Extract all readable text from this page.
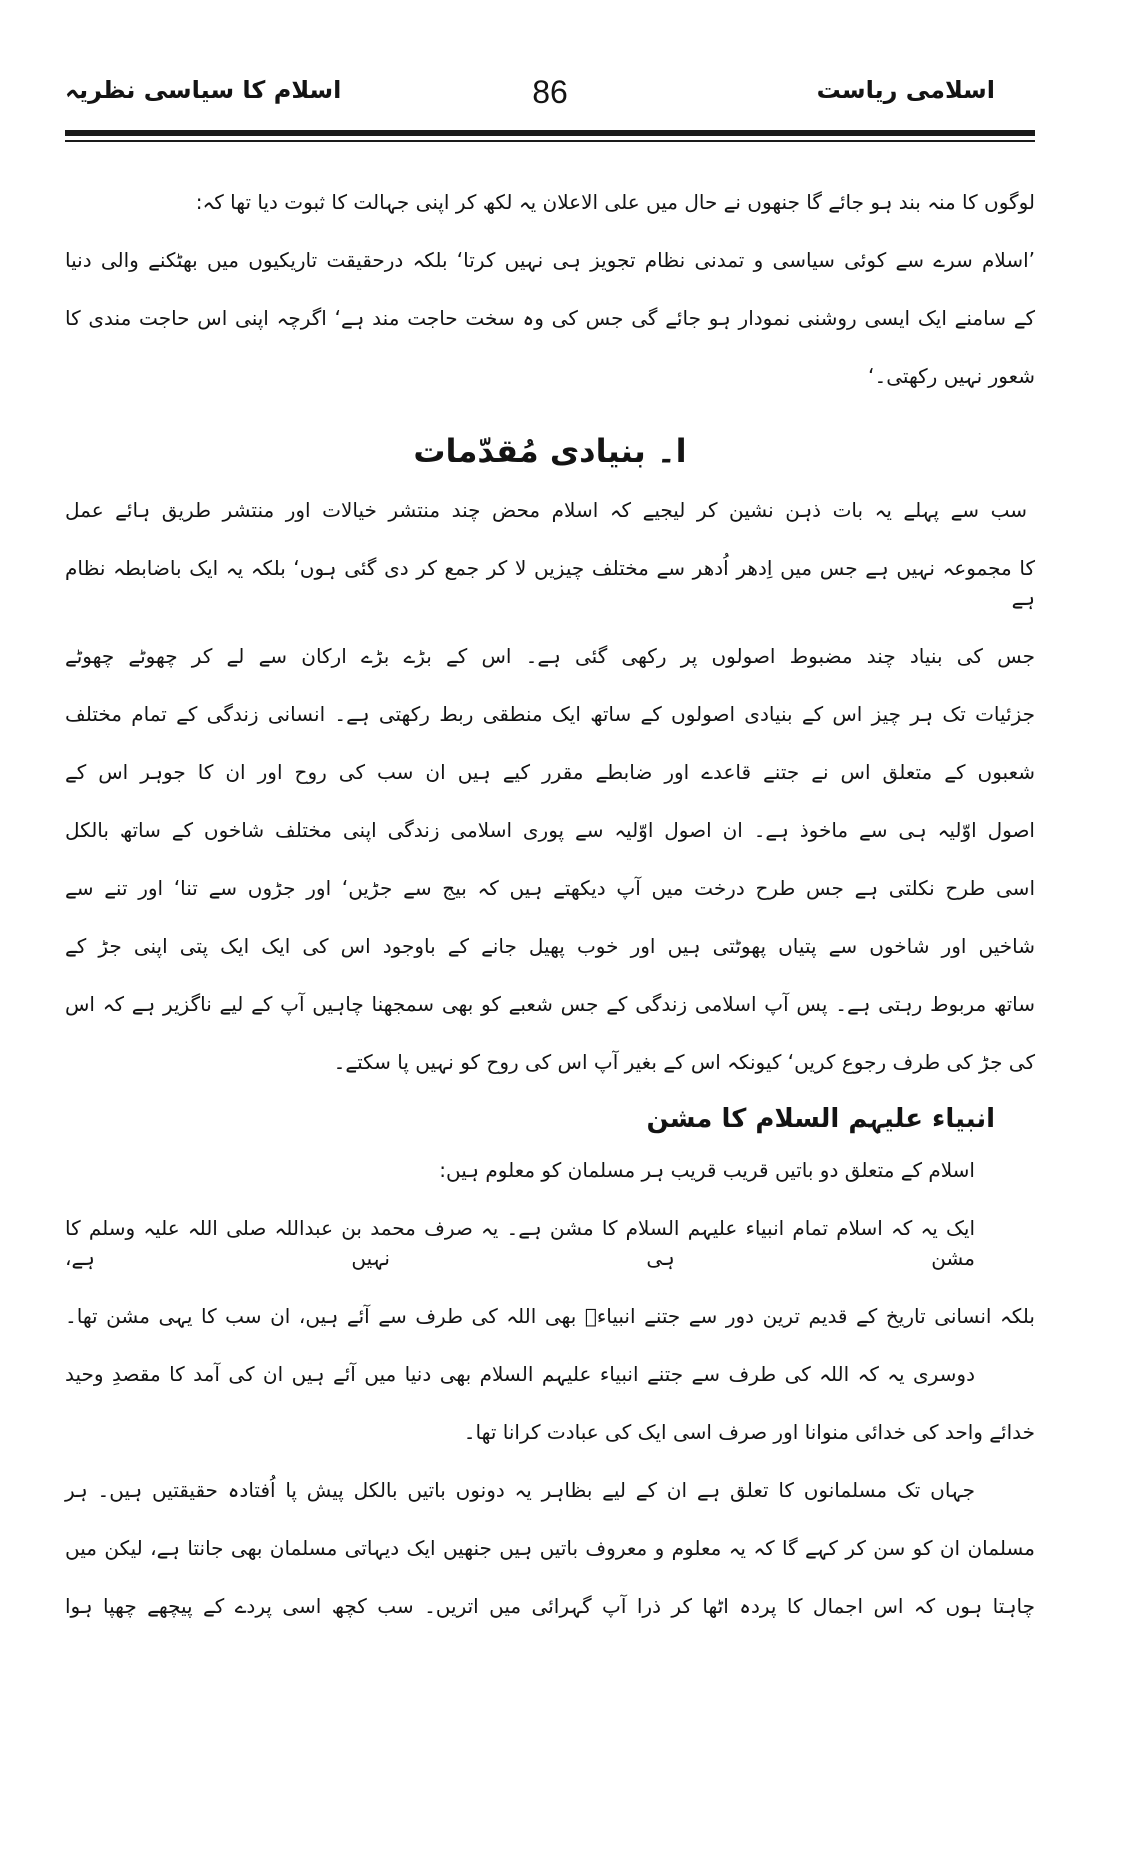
اسلامی ریاست
86
اسلام کا سیاسی نظریہ
لوگوں کا منہ بند ہو جائے گا جنھوں نے حال میں علی الاعلان یہ لکھ کر اپنی جہالت کا ثبوت دیا تھا کہ:
’اسلام سرے سے کوئی سیاسی و تمدنی نظام تجویز ہی نہیں کرتا‘ بلکہ درحقیقت تاریکیوں میں بھٹکنے والی دنیا
کے سامنے ایک ایسی روشنی نمودار ہو جائے گی جس کی وہ سخت حاجت مند ہے‘ اگرچہ اپنی اس حاجت مندی کا
شعور نہیں رکھتی۔‘
ا۔ بنیادی مُقدّمات
سب سے پہلے یہ بات ذہن نشین کر لیجیے کہ اسلام محض چند منتشر خیالات اور منتشر طریق ہائے عمل
کا مجموعہ نہیں ہے جس میں اِدھر اُدھر سے مختلف چیزیں لا کر جمع کر دی گئی ہوں‘ بلکہ یہ ایک باضابطہ نظام ہے
جس کی بنیاد چند مضبوط اصولوں پر رکھی گئی ہے۔ اس کے بڑے بڑے ارکان سے لے کر چھوٹے چھوٹے
جزئیات تک ہر چیز اس کے بنیادی اصولوں کے ساتھ ایک منطقی ربط رکھتی ہے۔ انسانی زندگی کے تمام مختلف
شعبوں کے متعلق اس نے جتنے قاعدے اور ضابطے مقرر کیے ہیں ان سب کی روح اور ان کا جوہر اس کے
اصول اوّلیہ ہی سے ماخوذ ہے۔ ان اصول اوّلیہ سے پوری اسلامی زندگی اپنی مختلف شاخوں کے ساتھ بالکل
اسی طرح نکلتی ہے جس طرح درخت میں آپ دیکھتے ہیں کہ بیج سے جڑیں‘ اور جڑوں سے تنا‘ اور تنے سے
شاخیں اور شاخوں سے پتیاں پھوٹتی ہیں اور خوب پھیل جانے کے باوجود اس کی ایک ایک پتی اپنی جڑ کے
ساتھ مربوط رہتی ہے۔ پس آپ اسلامی زندگی کے جس شعبے کو بھی سمجھنا چاہیں آپ کے لیے ناگزیر ہے کہ اس
کی جڑ کی طرف رجوع کریں‘ کیونکہ اس کے بغیر آپ اس کی روح کو نہیں پا سکتے۔
انبیاء علیہم السلام کا مشن
اسلام کے متعلق دو باتیں قریب قریب ہر مسلمان کو معلوم ہیں:
ایک یہ کہ اسلام تمام انبیاء علیہم السلام کا مشن ہے۔ یہ صرف محمد بن عبداللہ صلی اللہ علیہ وسلم کا مشن ہی نہیں ہے،
بلکہ انسانی تاریخ کے قدیم ترین دور سے جتنے انبیاءؑ بھی اللہ کی طرف سے آئے ہیں، ان سب کا یہی مشن تھا۔
دوسری یہ کہ اللہ کی طرف سے جتنے انبیاء علیہم السلام بھی دنیا میں آئے ہیں ان کی آمد کا مقصدِ وحید
خدائے واحد کی خدائی منوانا اور صرف اسی ایک کی عبادت کرانا تھا۔
جہاں تک مسلمانوں کا تعلق ہے ان کے لیے بظاہر یہ دونوں باتیں بالکل پیش پا اُفتادہ حقیقتیں ہیں۔ ہر
مسلمان ان کو سن کر کہے گا کہ یہ معلوم و معروف باتیں ہیں جنھیں ایک دیہاتی مسلمان بھی جانتا ہے، لیکن میں
چاہتا ہوں کہ اس اجمال کا پردہ اٹھا کر ذرا آپ گہرائی میں اتریں۔ سب کچھ اسی پردے کے پیچھے چھپا ہوا
